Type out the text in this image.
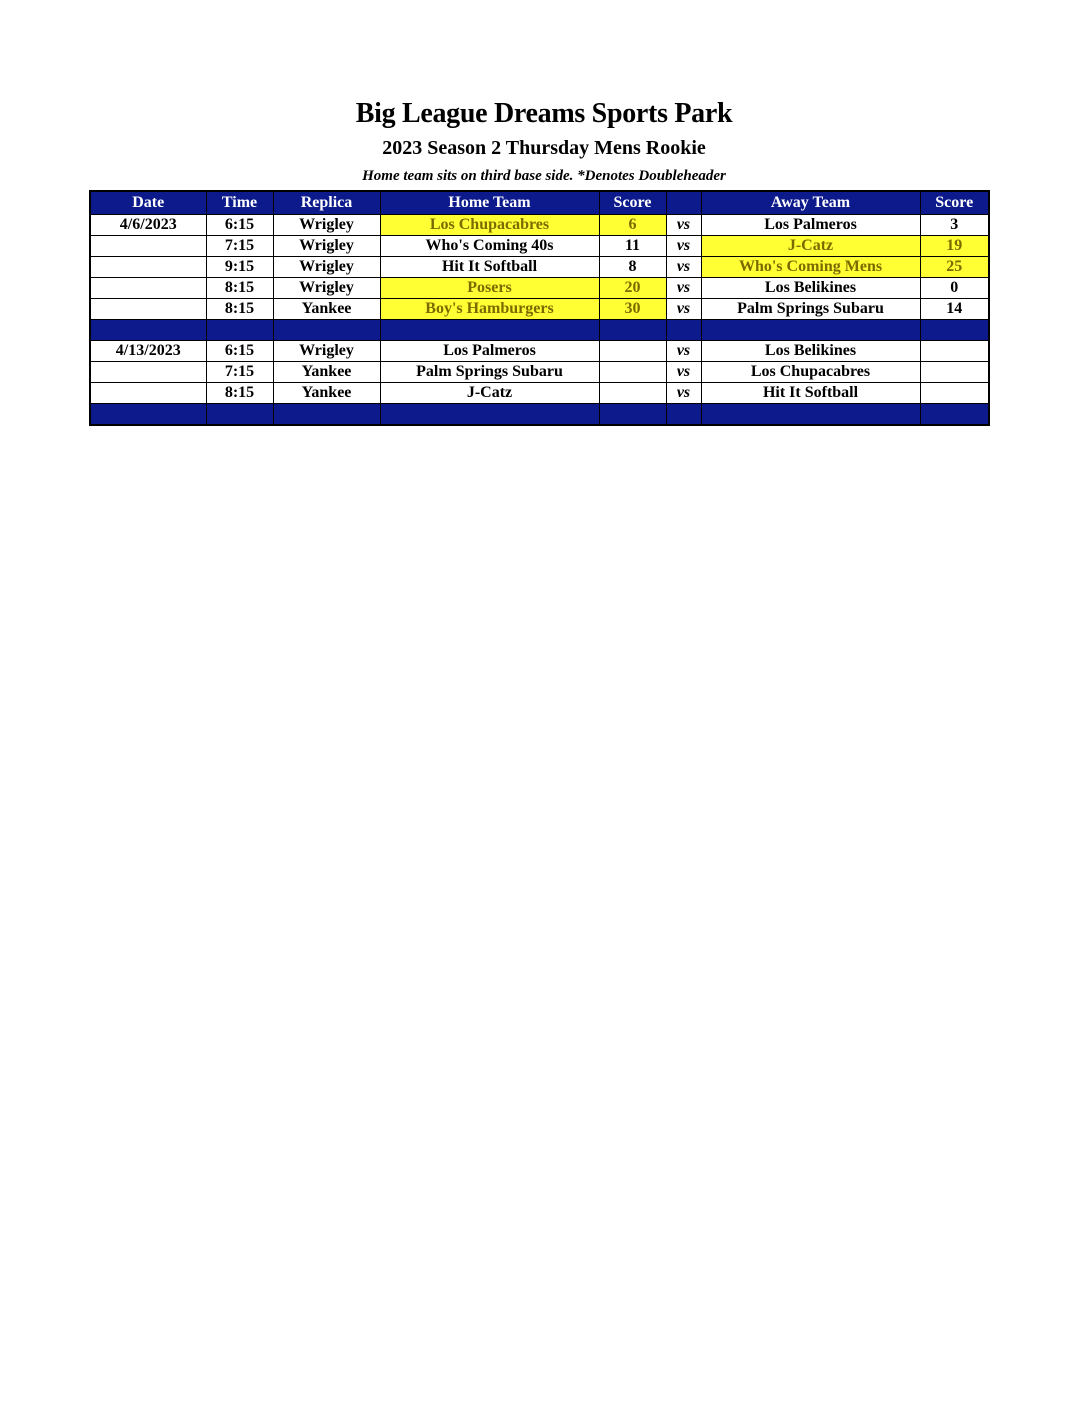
Big League Dreams Sports Park
2023 Season 2 Thursday Mens Rookie
Home team sits on third base side. *Denotes Doubleheader
Date	Time	Replica	Home Team	Score		Away Team	Score
4/6/2023	6:15	Wrigley	Los Chupacabres	6	vs	Los Palmeros	3
	7:15	Wrigley	Who's Coming 40s	11	vs	J-Catz	19
	9:15	Wrigley	Hit It Softball	8	vs	Who's Coming Mens	25
	8:15	Wrigley	Posers	20	vs	Los Belikines	0
	8:15	Yankee	Boy's Hamburgers	30	vs	Palm Springs Subaru	14

4/13/2023	6:15	Wrigley	Los Palmeros		vs	Los Belikines	
	7:15	Yankee	Palm Springs Subaru		vs	Los Chupacabres	
	8:15	Yankee	J-Catz		vs	Hit It Softball	
